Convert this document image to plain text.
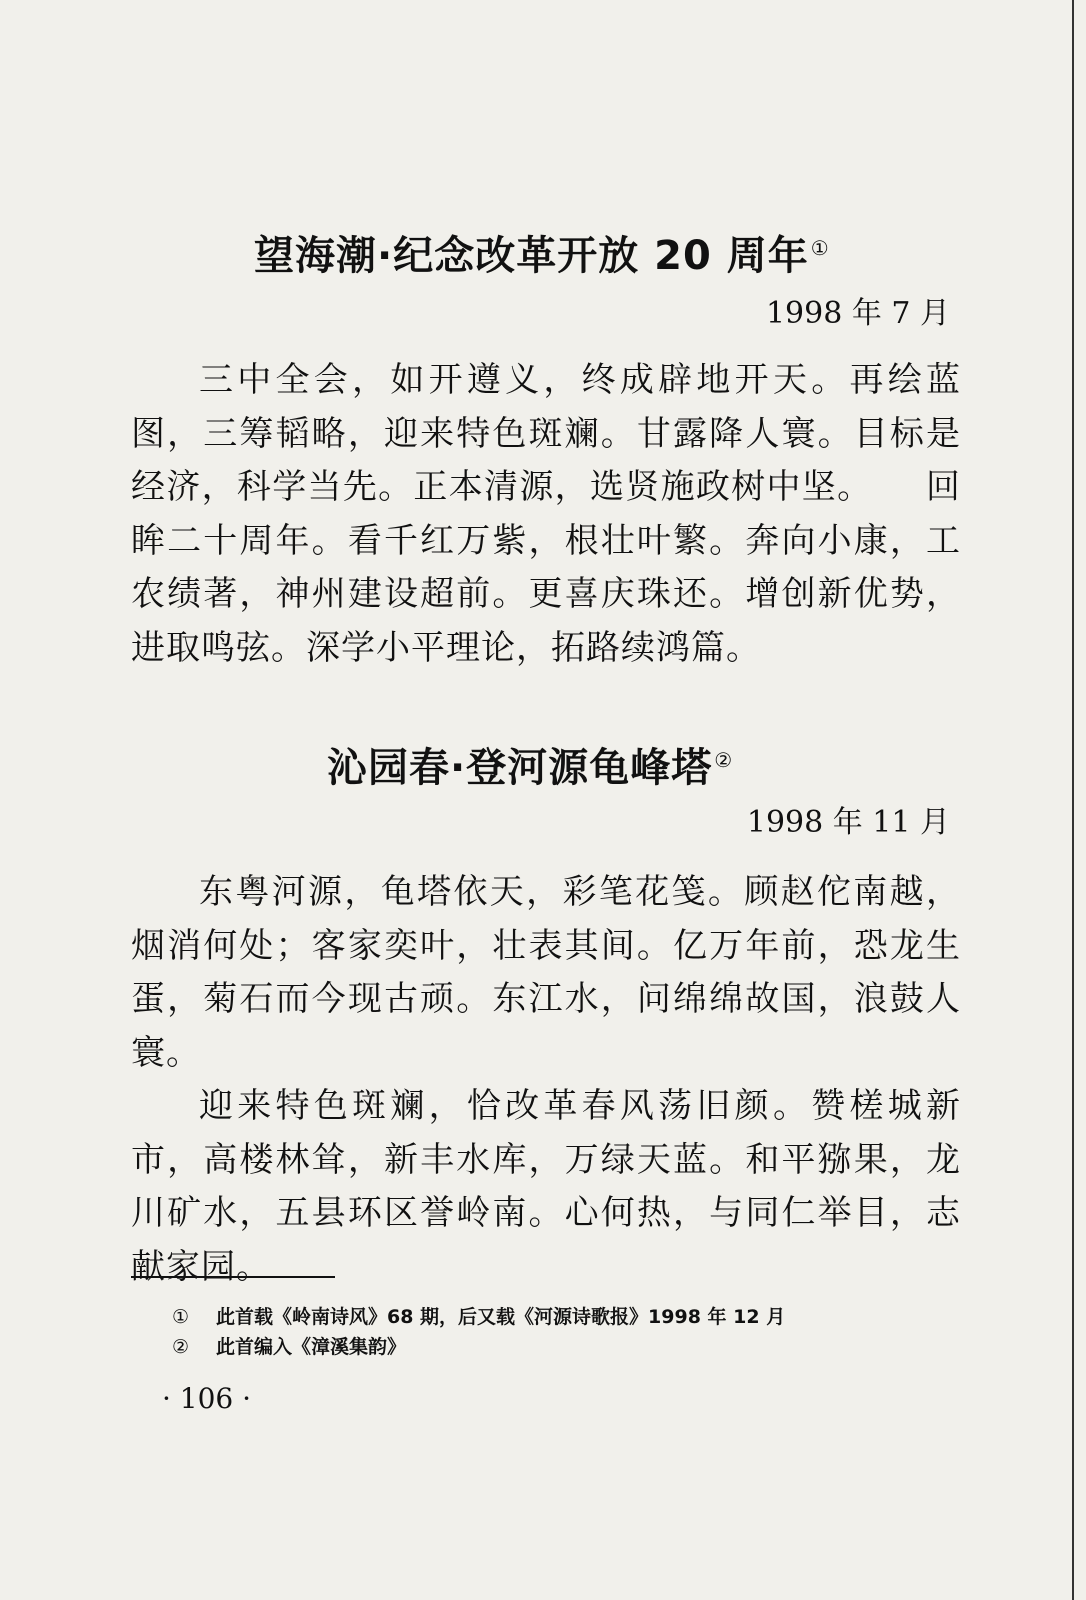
望海潮·纪念改革开放 20 周年 ①
1998 年 7 月

三中全会，如开遵义，终成辟地开天。再绘蓝图，三筹韬略，迎来特色斑斓。甘露降人寰。目标是经济，科学当先。正本清源，选贤施政树中坚。　　回眸二十周年。看千红万紫，根壮叶繁。奔向小康，工农绩著，神州建设超前。更喜庆珠还。增创新优势，进取鸣弦。深学小平理论，拓路续鸿篇。

沁园春·登河源龟峰塔 ②
1998 年 11 月

东粤河源，龟塔依天，彩笔花笺。顾赵佗南越，烟消何处；客家奕叶，壮表其间。亿万年前，恐龙生蛋，菊石而今现古顽。东江水，问绵绵故国，浪鼓人寰。

迎来特色斑斓，恰改革春风荡旧颜。赞槎城新市，高楼林耸，新丰水库，万绿天蓝。和平猕果，龙川矿水，五县环区誉岭南。心何热，与同仁举目，志献家园。

① 此首载《岭南诗风》68 期，后又载《河源诗歌报》1998 年 12 月
② 此首编入《漳溪集韵》
· 106 ·
